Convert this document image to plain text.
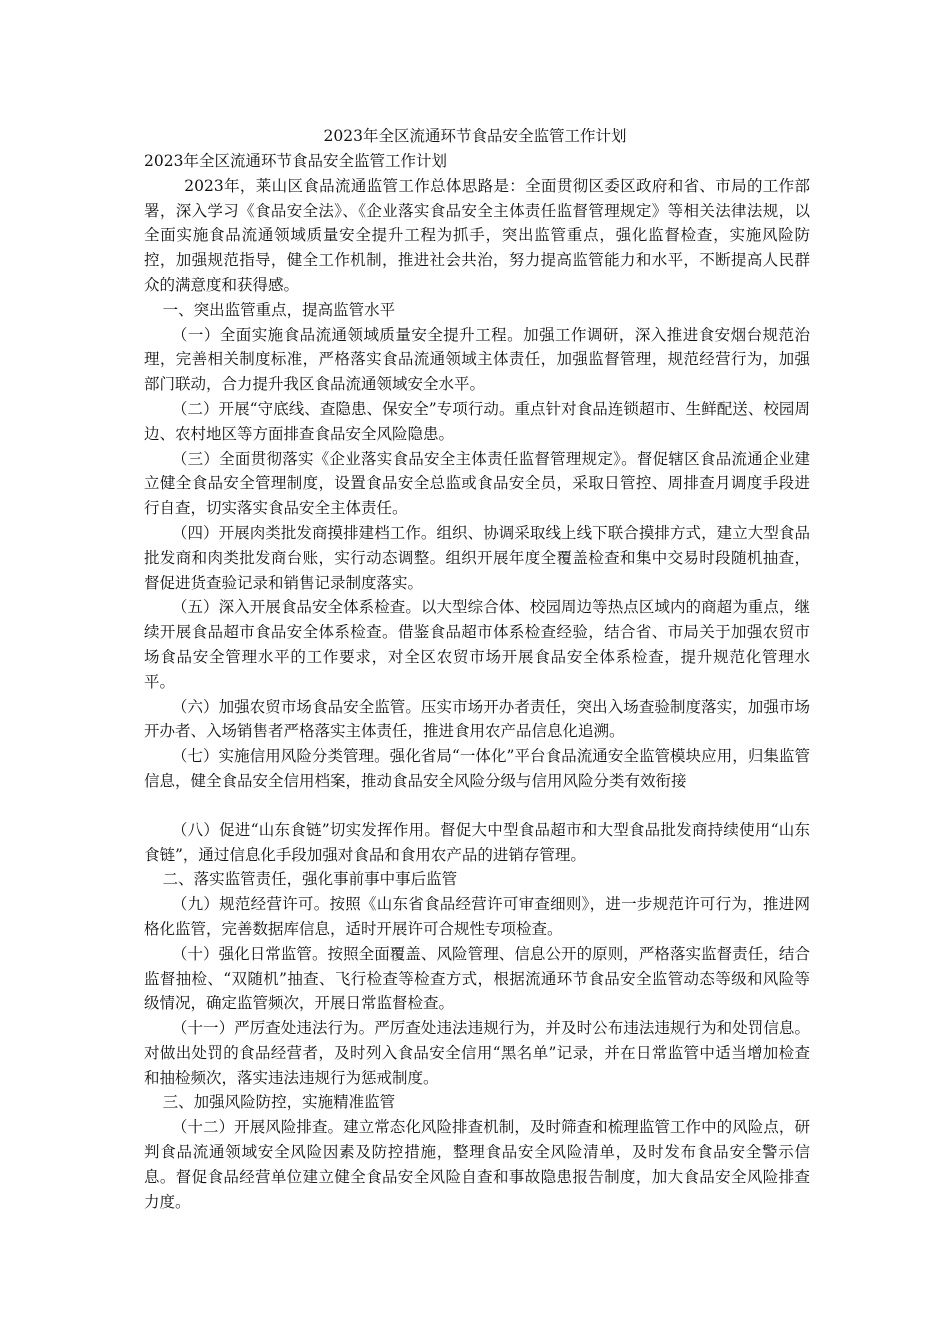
2023年全区流通环节食品安全监管工作计划

2023年全区流通环节食品安全监管工作计划

2023年，莱山区食品流通监管工作总体思路是：全面贯彻区委区政府和省、市局的工作部署，深入学习《食品安全法》、《企业落实食品安全主体责任监督管理规定》等相关法律法规，以全面实施食品流通领域质量安全提升工程为抓手，突出监管重点，强化监督检查，实施风险防控，加强规范指导，健全工作机制，推进社会共治，努力提高监管能力和水平，不断提高人民群众的满意度和获得感。

一、突出监管重点，提高监管水平

（一）全面实施食品流通领域质量安全提升工程。加强工作调研，深入推进食安烟台规范治理，完善相关制度标准，严格落实食品流通领域主体责任，加强监督管理，规范经营行为，加强部门联动，合力提升我区食品流通领域安全水平。

（二）开展“守底线、查隐患、保安全”专项行动。重点针对食品连锁超市、生鲜配送、校园周边、农村地区等方面排查食品安全风险隐患。

（三）全面贯彻落实《企业落实食品安全主体责任监督管理规定》。督促辖区食品流通企业建立健全食品安全管理制度，设置食品安全总监或食品安全员，采取日管控、周排查月调度手段进行自查，切实落实食品安全主体责任。

（四）开展肉类批发商摸排建档工作。组织、协调采取线上线下联合摸排方式，建立大型食品批发商和肉类批发商台账，实行动态调整。组织开展年度全覆盖检查和集中交易时段随机抽查，督促进货查验记录和销售记录制度落实。

（五）深入开展食品安全体系检查。以大型综合体、校园周边等热点区域内的商超为重点，继续开展食品超市食品安全体系检查。借鉴食品超市体系检查经验，结合省、市局关于加强农贸市场食品安全管理水平的工作要求，对全区农贸市场开展食品安全体系检查，提升规范化管理水平。

（六）加强农贸市场食品安全监管。压实市场开办者责任，突出入场查验制度落实，加强市场开办者、入场销售者严格落实主体责任，推进食用农产品信息化追溯。

（七）实施信用风险分类管理。强化省局“一体化”平台食品流通安全监管模块应用，归集监管信息，健全食品安全信用档案，推动食品安全风险分级与信用风险分类有效衔接

（八）促进“山东食链”切实发挥作用。督促大中型食品超市和大型食品批发商持续使用“山东食链”，通过信息化手段加强对食品和食用农产品的进销存管理。

二、落实监管责任，强化事前事中事后监管

（九）规范经营许可。按照《山东省食品经营许可审查细则》，进一步规范许可行为，推进网格化监管，完善数据库信息，适时开展许可合规性专项检查。

（十）强化日常监管。按照全面覆盖、风险管理、信息公开的原则，严格落实监督责任，结合监督抽检、“双随机”抽查、飞行检查等检查方式，根据流通环节食品安全监管动态等级和风险等级情况，确定监管频次，开展日常监督检查。

（十一）严厉查处违法行为。严厉查处违法违规行为，并及时公布违法违规行为和处罚信息。对做出处罚的食品经营者，及时列入食品安全信用“黑名单”记录，并在日常监管中适当增加检查和抽检频次，落实违法违规行为惩戒制度。

三、加强风险防控，实施精准监管

（十二）开展风险排查。建立常态化风险排查机制，及时筛查和梳理监管工作中的风险点，研判食品流通领域安全风险因素及防控措施，整理食品安全风险清单，及时发布食品安全警示信息。督促食品经营单位建立健全食品安全风险自查和事故隐患报告制度，加大食品安全风险排查力度。
